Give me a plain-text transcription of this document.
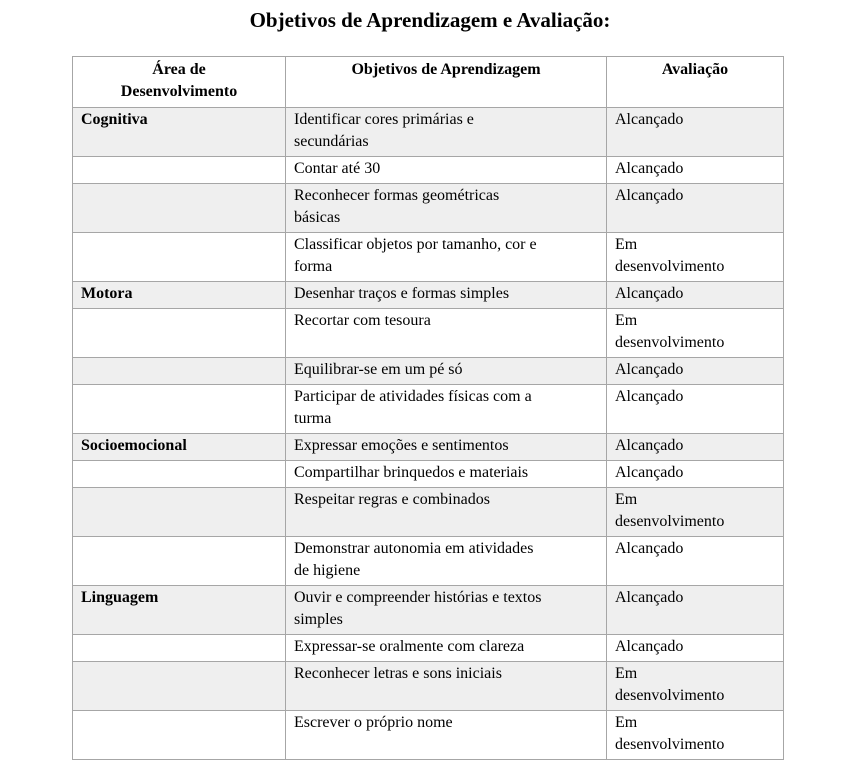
Objetivos de Aprendizagem e Avaliação:
Área de Desenvolvimento	Objetivos de Aprendizagem	Avaliação
Cognitiva	Identificar cores primárias e secundárias	Alcançado
	Contar até 30	Alcançado
	Reconhecer formas geométricas básicas	Alcançado
	Classificar objetos por tamanho, cor e forma	Em desenvolvimento
Motora	Desenhar traços e formas simples	Alcançado
	Recortar com tesoura	Em desenvolvimento
	Equilibrar-se em um pé só	Alcançado
	Participar de atividades físicas com a turma	Alcançado
Socioemocional	Expressar emoções e sentimentos	Alcançado
	Compartilhar brinquedos e materiais	Alcançado
	Respeitar regras e combinados	Em desenvolvimento
	Demonstrar autonomia em atividades de higiene	Alcançado
Linguagem	Ouvir e compreender histórias e textos simples	Alcançado
	Expressar-se oralmente com clareza	Alcançado
	Reconhecer letras e sons iniciais	Em desenvolvimento
	Escrever o próprio nome	Em desenvolvimento
